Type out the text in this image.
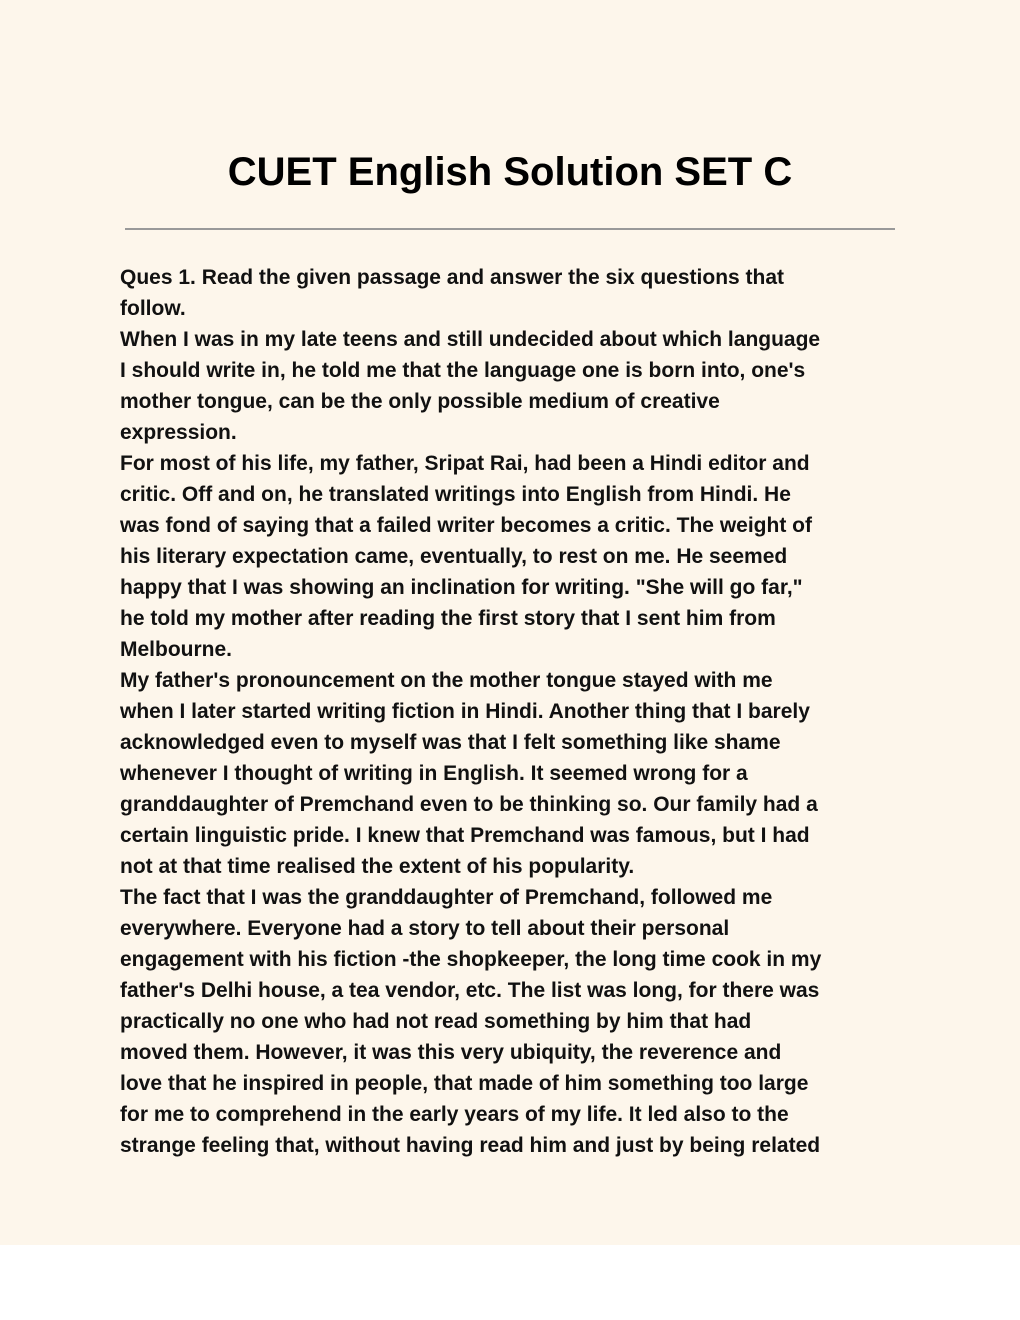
CUET English Solution SET C
Ques 1. Read the given passage and answer the six questions that
follow.
When I was in my late teens and still undecided about which language
I should write in, he told me that the language one is born into, one's
mother tongue, can be the only possible medium of creative
expression.
For most of his life, my father, Sripat Rai, had been a Hindi editor and
critic. Off and on, he translated writings into English from Hindi. He
was fond of saying that a failed writer becomes a critic. The weight of
his literary expectation came, eventually, to rest on me. He seemed
happy that I was showing an inclination for writing. "She will go far,"
he told my mother after reading the first story that I sent him from
Melbourne.
My father's pronouncement on the mother tongue stayed with me
when I later started writing fiction in Hindi. Another thing that I barely
acknowledged even to myself was that I felt something like shame
whenever I thought of writing in English. It seemed wrong for a
granddaughter of Premchand even to be thinking so. Our family had a
certain linguistic pride. I knew that Premchand was famous, but I had
not at that time realised the extent of his popularity.
The fact that I was the granddaughter of Premchand, followed me
everywhere. Everyone had a story to tell about their personal
engagement with his fiction -the shopkeeper, the long time cook in my
father's Delhi house, a tea vendor, etc. The list was long, for there was
practically no one who had not read something by him that had
moved them. However, it was this very ubiquity, the reverence and
love that he inspired in people, that made of him something too large
for me to comprehend in the early years of my life. It led also to the
strange feeling that, without having read him and just by being related
